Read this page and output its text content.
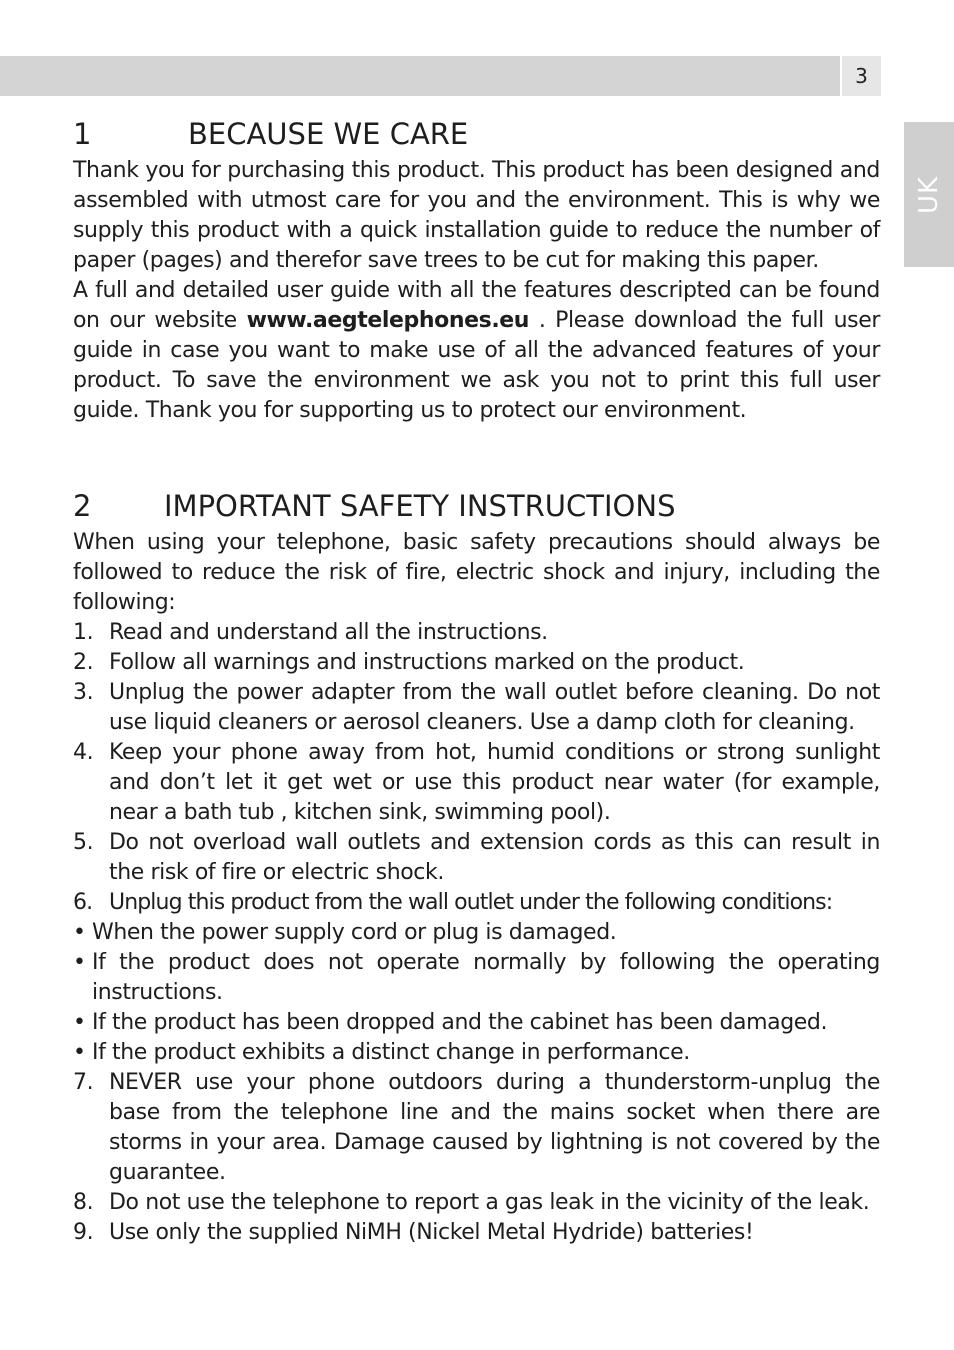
3
UK
1	BECAUSE WE CARE

Thank you for purchasing this product. This product has been designed and assembled with utmost care for you and the environment. This is why we supply this product with a quick installation guide to reduce the number of paper (pages) and therefor save trees to be cut for making this paper.

A full and detailed user guide with all the features descripted can be found on our website www.aegtelephones.eu . Please download the full user guide in case you want to make use of all the advanced features of your product. To save the environment we ask you not to print this full user guide. Thank you for supporting us to protect our environment.

2	IMPORTANT SAFETY INSTRUCTIONS

When using your telephone, basic safety precautions should always be followed to reduce the risk of fire, electric shock and injury, including the following:

1. Read and understand all the instructions.
2. Follow all warnings and instructions marked on the product.
3. Unplug the power adapter from the wall outlet before cleaning. Do not use liquid cleaners or aerosol cleaners. Use a damp cloth for cleaning.
4. Keep your phone away from hot, humid conditions or strong sunlight and don’t let it get wet or use this product near water (for example, near a bath tub , kitchen sink, swimming pool).
5. Do not overload wall outlets and extension cords as this can result in the risk of fire or electric shock.
6. Unplug this product from the wall outlet under the following conditions:
• When the power supply cord or plug is damaged.
• If the product does not operate normally by following the operating instructions.
• If the product has been dropped and the cabinet has been damaged.
• If the product exhibits a distinct change in performance.
7. NEVER use your phone outdoors during a thunderstorm-unplug the base from the telephone line and the mains socket when there are storms in your area. Damage caused by lightning is not covered by the guarantee.
8. Do not use the telephone to report a gas leak in the vicinity of the leak.
9. Use only the supplied NiMH (Nickel Metal Hydride) batteries!
